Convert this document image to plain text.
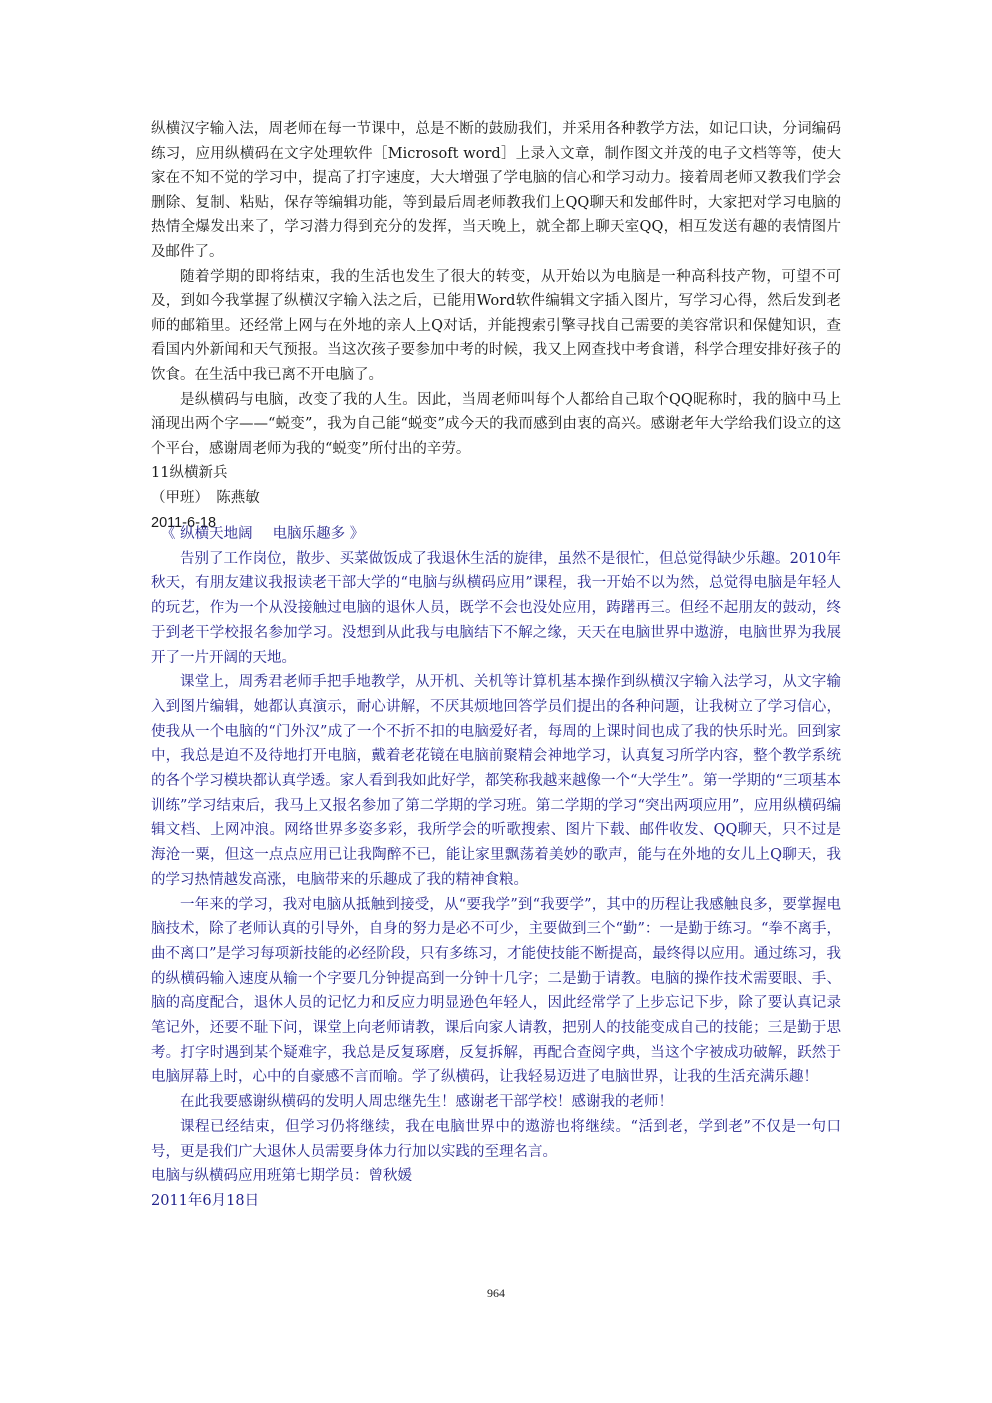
纵横汉字输入法，周老师在每一节课中，总是不断的鼓励我们，并采用各种教学方法，如记口诀，分词编码练习，应用纵横码在文字处理软件［Microsoft word］上录入文章，制作图文并茂的电子文档等等，使大家在不知不觉的学习中，提高了打字速度，大大增强了学电脑的信心和学习动力。接着周老师又教我们学会删除、复制、粘贴，保存等编辑功能，等到最后周老师教我们上QQ聊天和发邮件时，大家把对学习电脑的热情全爆发出来了，学习潜力得到充分的发挥，当天晚上，就全都上聊天室QQ，相互发送有趣的表情图片及邮件了。

随着学期的即将结束，我的生活也发生了很大的转变，从开始以为电脑是一种高科技产物，可望不可及，到如今我掌握了纵横汉字输入法之后，已能用Word软件编辑文字插入图片，写学习心得，然后发到老师的邮箱里。还经常上网与在外地的亲人上Q对话，并能搜索引擎寻找自己需要的美容常识和保健知识，查看国内外新闻和天气预报。当这次孩子要参加中考的时候，我又上网查找中考食谱，科学合理安排好孩子的饮食。在生活中我已离不开电脑了。

是纵横码与电脑，改变了我的人生。因此，当周老师叫每个人都给自己取个QQ昵称时，我的脑中马上涌现出两个字——“蜕变”，我为自己能“蜕变”成今天的我而感到由衷的高兴。感谢老年大学给我们设立的这个平台，感谢周老师为我的“蜕变”所付出的辛劳。

11纵横新兵

（甲班）　陈燕敏

2011-6-18

《 纵横天地阔 电脑乐趣多 》

告别了工作岗位，散步、买菜做饭成了我退休生活的旋律，虽然不是很忙，但总觉得缺少乐趣。2010年秋天，有朋友建议我报读老干部大学的“电脑与纵横码应用”课程，我一开始不以为然，总觉得电脑是年轻人的玩艺，作为一个从没接触过电脑的退休人员，既学不会也没处应用，踌躇再三。但经不起朋友的鼓动，终于到老干学校报名参加学习。没想到从此我与电脑结下不解之缘，天天在电脑世界中遨游，电脑世界为我展开了一片开阔的天地。

课堂上，周秀君老师手把手地教学，从开机、关机等计算机基本操作到纵横汉字输入法学习，从文字输入到图片编辑，她都认真演示，耐心讲解，不厌其烦地回答学员们提出的各种问题，让我树立了学习信心，使我从一个电脑的“门外汉”成了一个不折不扣的电脑爱好者，每周的上课时间也成了我的快乐时光。回到家中，我总是迫不及待地打开电脑，戴着老花镜在电脑前聚精会神地学习，认真复习所学内容，整个教学系统的各个学习模块都认真学透。家人看到我如此好学，都笑称我越来越像一个“大学生”。第一学期的“三项基本训练”学习结束后，我马上又报名参加了第二学期的学习班。第二学期的学习“突出两项应用”，应用纵横码编辑文档、上网冲浪。网络世界多姿多彩，我所学会的听歌搜索、图片下载、邮件收发、QQ聊天，只不过是海沧一粟，但这一点点应用已让我陶醉不已，能让家里飘荡着美妙的歌声，能与在外地的女儿上Q聊天，我的学习热情越发高涨，电脑带来的乐趣成了我的精神食粮。

一年来的学习，我对电脑从抵触到接受，从“要我学”到“我要学”，其中的历程让我感触良多，要掌握电脑技术，除了老师认真的引导外，自身的努力是必不可少，主要做到三个“勤”：一是勤于练习。“拳不离手，曲不离口”是学习每项新技能的必经阶段，只有多练习，才能使技能不断提高，最终得以应用。通过练习，我的纵横码输入速度从输一个字要几分钟提高到一分钟十几字；二是勤于请教。电脑的操作技术需要眼、手、脑的高度配合，退休人员的记忆力和反应力明显逊色年轻人，因此经常学了上步忘记下步，除了要认真记录笔记外，还要不耻下问，课堂上向老师请教，课后向家人请教，把别人的技能变成自己的技能；三是勤于思考。打字时遇到某个疑难字，我总是反复琢磨，反复拆解，再配合查阅字典，当这个字被成功破解，跃然于电脑屏幕上时，心中的自豪感不言而喻。学了纵横码，让我轻易迈进了电脑世界，让我的生活充满乐趣！

在此我要感谢纵横码的发明人周忠继先生！感谢老干部学校！感谢我的老师！

课程已经结束，但学习仍将继续，我在电脑世界中的遨游也将继续。“活到老，学到老”不仅是一句口号，更是我们广大退休人员需要身体力行加以实践的至理名言。

电脑与纵横码应用班第七期学员：曾秋媛

2011年6月18日

964
